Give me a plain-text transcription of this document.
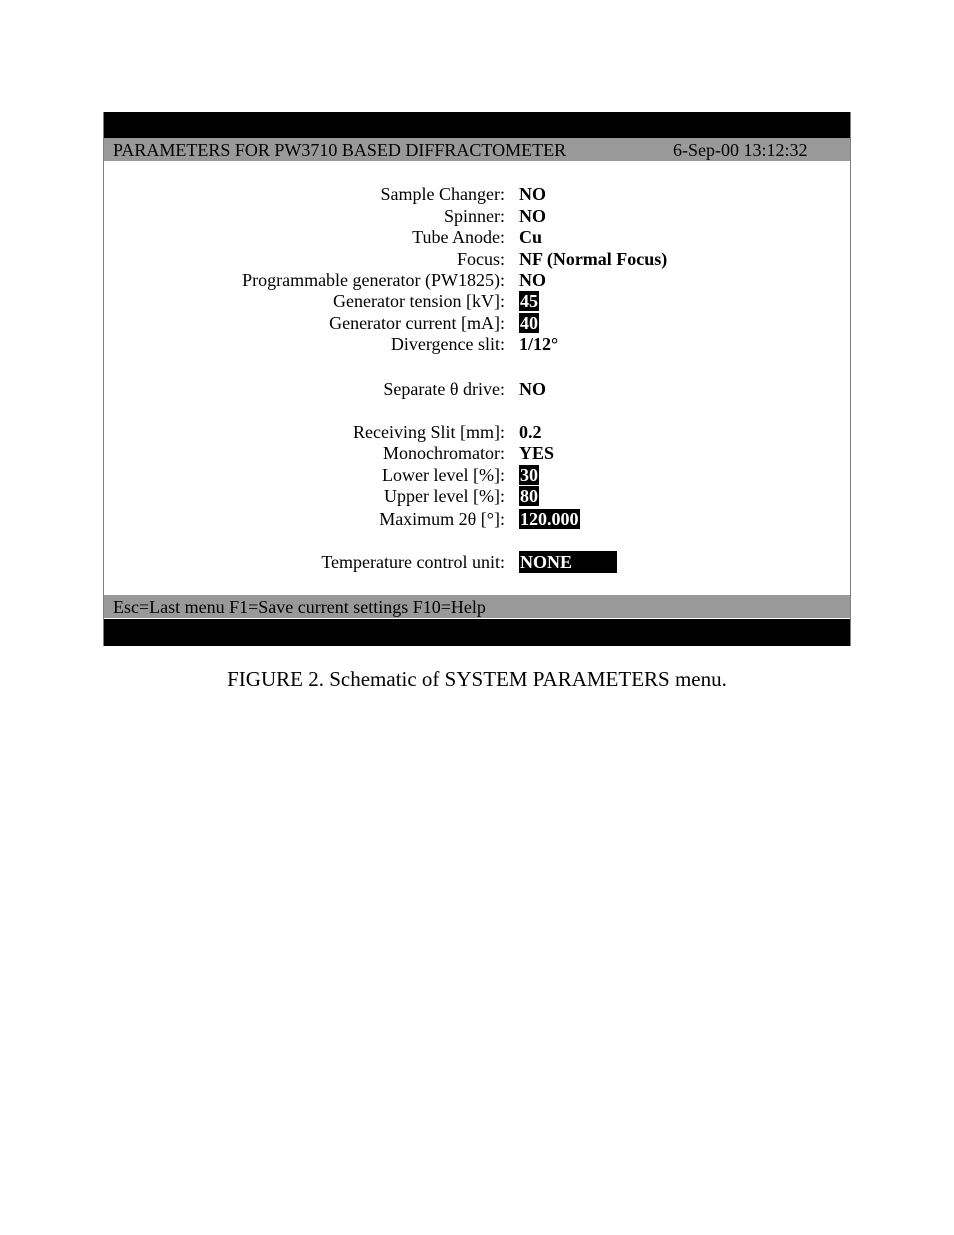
PARAMETERS FOR PW3710 BASED DIFFRACTOMETER	6-Sep-00 13:12:32
Sample Changer: NO
Spinner: NO
Tube Anode: Cu
Focus: NF (Normal Focus)
Programmable generator (PW1825): NO
Generator tension [kV]: 45
Generator current [mA]: 40
Divergence slit: 1/12°
Separate θ drive: NO
Receiving Slit [mm]: 0.2
Monochromator: YES
Lower level [%]: 30
Upper level [%]: 80
Maximum 2θ [°]: 120.000
Temperature control unit: NONE
Esc=Last menu F1=Save current settings F10=Help
FIGURE 2. Schematic of SYSTEM PARAMETERS menu.
